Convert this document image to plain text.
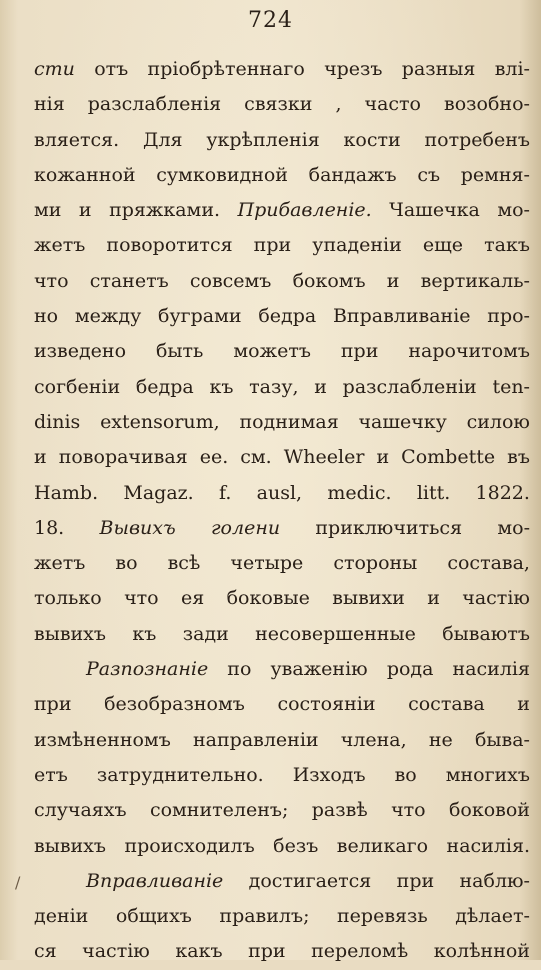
724
сти отъ пріобрѣтеннаго чрезъ разныя влі-
нія разслабленія связки , часто возобно-
вляется. Для укрѣпленія кости потребенъ
кожанной сумковидной бандажъ съ ремня-
ми и пряжками. Прибавленіе. Чашечка мо-
жетъ поворотится при упаденіи еще такъ
что станетъ совсемъ бокомъ и вертикаль-
но между буграми бедра Вправливаніе про-
изведено быть можетъ при нарочитомъ
согбеніи бедра къ тазу, и разслабленіи ten-
dinis extensorum, поднимая чашечку силою
и поворачивая ее. см. Wheeler и Combette въ
Hamb. Magaz. f. ausl, medic. litt. 1822.
18. Вывихъ голени приключиться мо-
жетъ во всѣ четыре стороны состава,
только что ея боковые вывихи и частію
вывихъ къ зади несовершенные бываютъ
Разпознаніе по уваженію рода насилія
при безобразномъ состояніи состава и
измѣненномъ направленіи члена, не быва-
етъ затруднительно. Изходъ во многихъ
случаяхъ сомнителенъ; развѣ что боковой
вывихъ происходилъ безъ великаго насилія.
Вправливаніе достигается при наблю-
деніи общихъ правилъ; перевязь дѣлает-
ся частію какъ при переломѣ колѣнной
/
